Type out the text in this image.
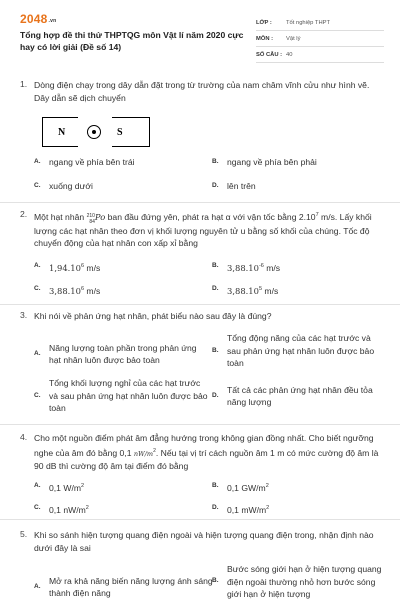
$2048^{.vn}$
Tổng hợp đề thi thử THPTQG môn Vật lí năm 2020 cực hay có lời giải (Đề số 14)
LỚP :	Tốt nghiệp THPT
MÔN :	Vật lý
SỐ CÂU : 40
1. Dòng điện chạy trong dây dẫn đặt trong từ trường của nam châm vĩnh cửu như hình vẽ. Dây dẫn sẽ dịch chuyển
A. ngang về phía bên trái	B. ngang về phía bên phải
C. xuống dưới	D. lên trên
N	S
2. Một hạt nhân 210
84 Po ban đầu đứng yên, phát ra hạt α với vận tốc bằng 2.10$^7$ m/s. Lấy khối lượng các hạt nhân theo đơn vị khối lượng nguyên tử u bằng số khối của chúng. Tốc độ chuyển động của hạt nhân con xấp xỉ bằng
A.	1,94.10$^6$ m/s	B.	$3,88.10^{-6}$ m/s
C.	3,88.10$^6$ m/s	D.	3,88.10$^5$ m/s
3. Khi nói về phản ứng hạt nhân, phát biểu nào sau đây là đúng?
A.
Năng lượng toàn phần trong phản ứng hạt nhân luôn được bảo toàn
B.
Tổng động năng của các hạt trước và sau phản ứng hạt nhân luôn được bảo toàn
C.
Tổng khối lượng nghỉ của các hạt trước và sau phản ứng hạt nhân luôn được bảo toàn
D.
Tất cả các phản ứng hạt nhân đều tỏa năng lượng
4. Cho một nguồn điểm phát âm đẳng hướng trong không gian đồng nhất. Cho biết ngưỡng nghe của âm đó bằng 0,1 $nW/m^2$. Nếu tại vị trí cách nguồn âm 1 m có mức cường độ âm là 90 dB thì cường độ âm tại điểm đó bằng
A. 0,1 $W/m^2$	B. 0,1 $GW/m^2$
C. 0,1 $nW/m^2$	D. 0,1 $mW/m^2$
5. Khi so sánh hiện tượng quang điện ngoài và hiện tượng quang điện trong, nhận định nào dưới đây là sai
A.
Mở ra khả năng biến năng lượng ánh sáng thành điện năng
B.
Bước sóng giới hạn ở hiện tượng quang điện ngoài thường nhỏ hơn bước sóng giới hạn ở hiện tượng
